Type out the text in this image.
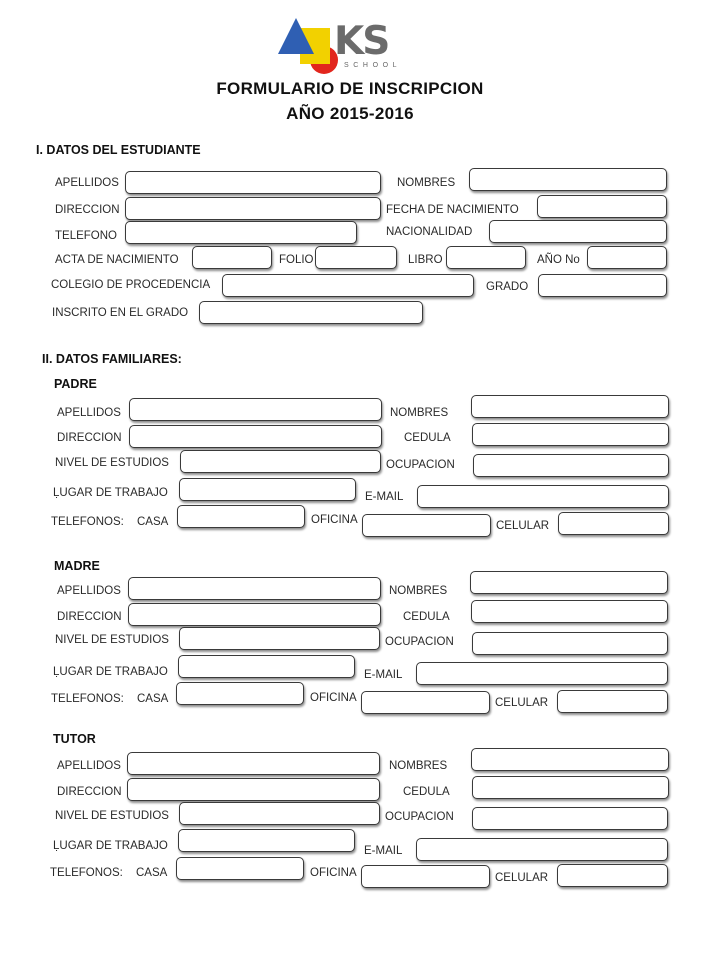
KS
SCHOOL
FORMULARIO DE INSCRIPCION
AÑO 2015-2016
I. DATOS DEL ESTUDIANTE
APELLIDOS	NOMBRES
DIRECCION	FECHA DE NACIMIENTO
TELEFONO	NACIONALIDAD
ACTA DE NACIMIENTO	FOLIO	LIBRO	AÑO No
COLEGIO DE PROCEDENCIA	GRADO
INSCRITO EN EL GRADO
II. DATOS FAMILIARES:
PADRE
APELLIDOS	NOMBRES
DIRECCION	CEDULA
NIVEL DE ESTUDIOS	OCUPACION
ḶUGAR DE TRABAJO	E-MAIL
TELEFONOS: CASA	OFICINA	CELULAR
MADRE
APELLIDOS	NOMBRES
DIRECCION	CEDULA
NIVEL DE ESTUDIOS	OCUPACION
ḶUGAR DE TRABAJO	E-MAIL
TELEFONOS: CASA	OFICINA	CELULAR
TUTOR
APELLIDOS	NOMBRES
DIRECCION	CEDULA
NIVEL DE ESTUDIOS	OCUPACION
ḶUGAR DE TRABAJO	E-MAIL
TELEFONOS: CASA	OFICINA	CELULAR
